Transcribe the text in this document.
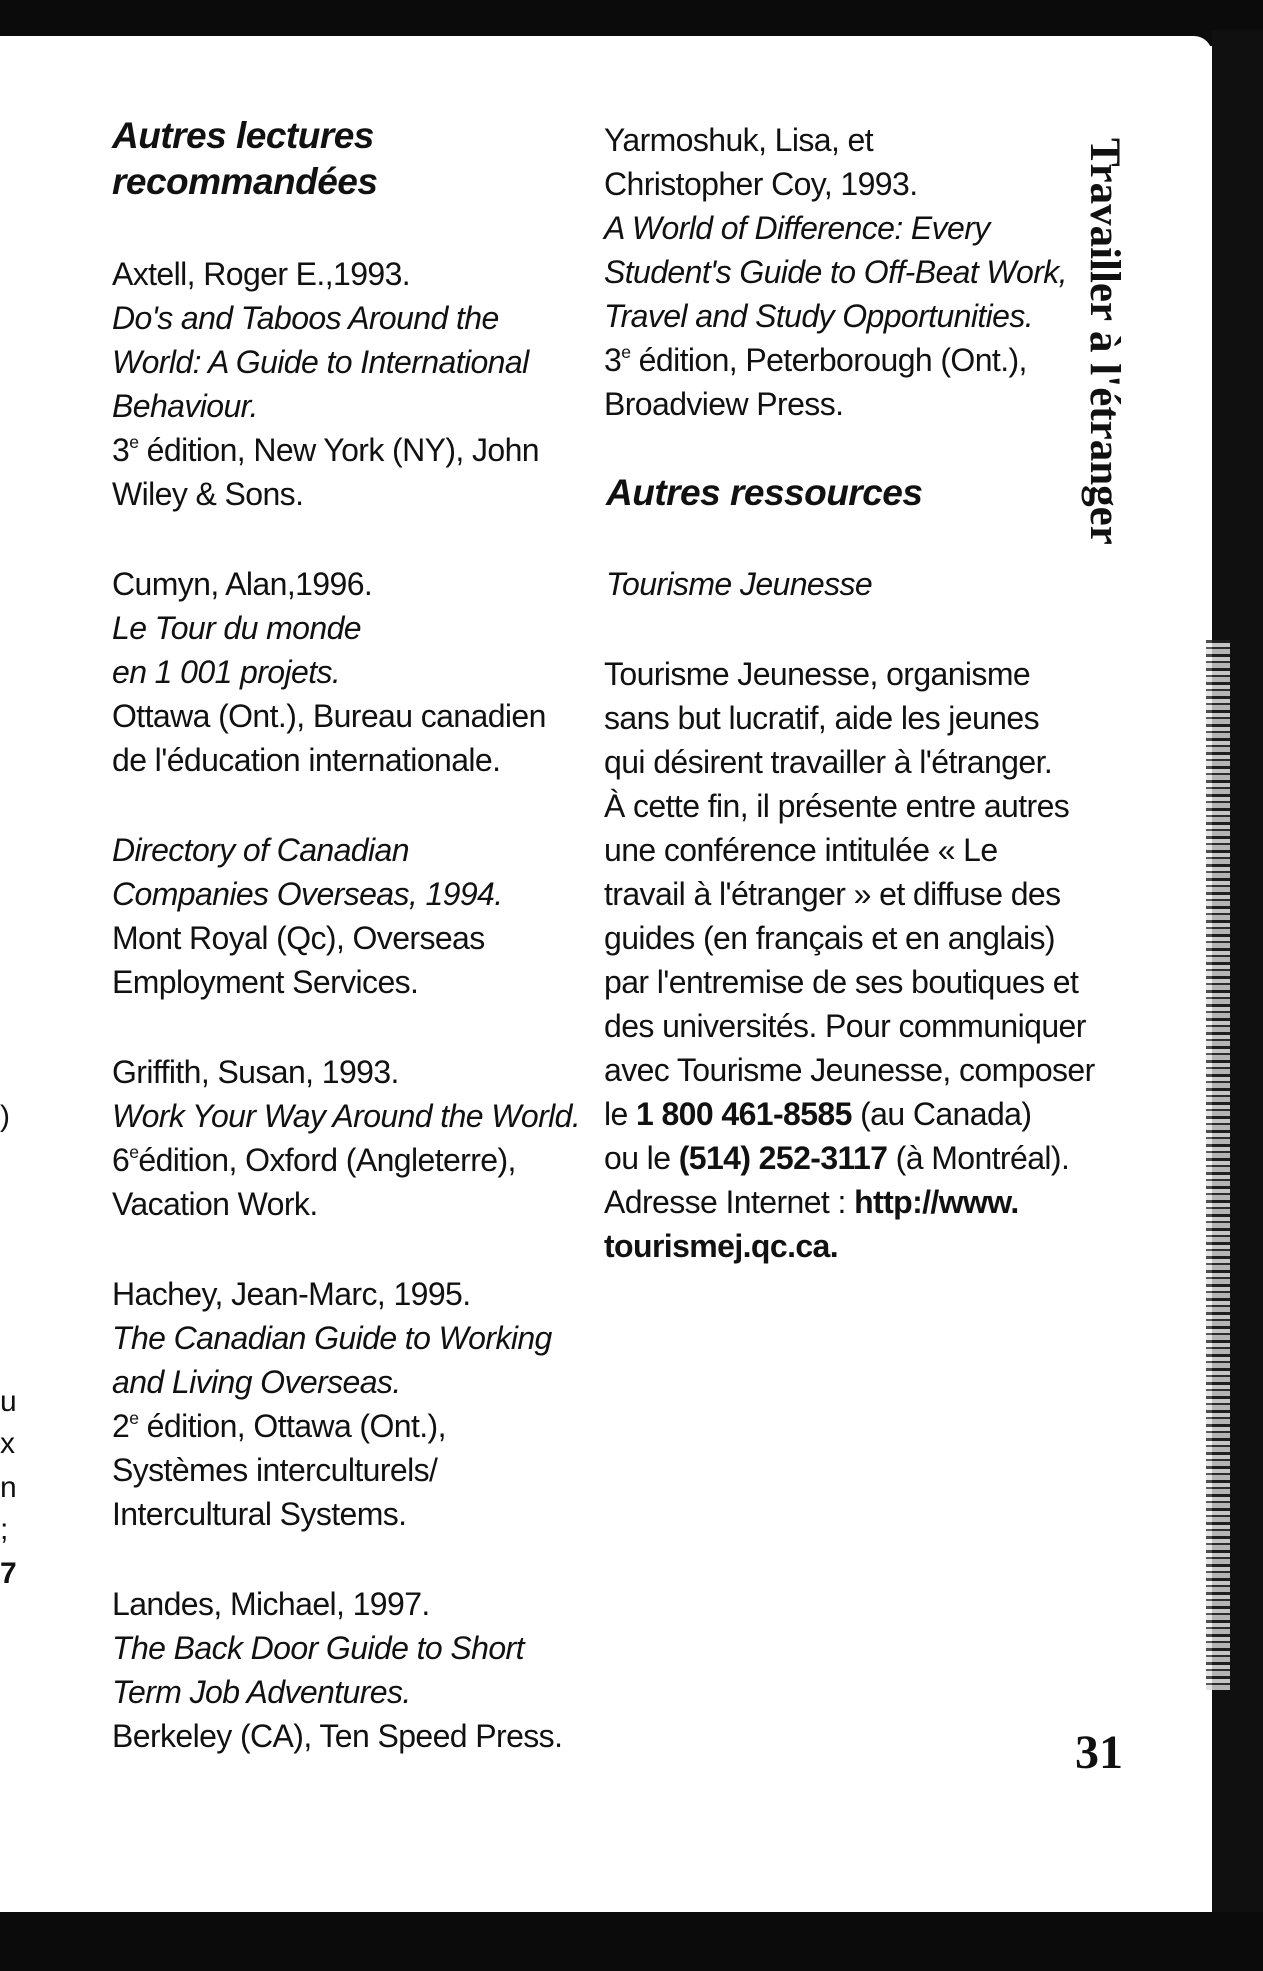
)
u
x
n
;
7
Autres lectures
recommandées
Axtell, Roger E.,1993.
Do's and Taboos Around the
World: A Guide to International
Behaviour.
3e édition, New York (NY), John
Wiley & Sons.
Cumyn, Alan,1996.
Le Tour du monde
en 1 001 projets.
Ottawa (Ont.), Bureau canadien
de l'éducation internationale.
Directory of Canadian
Companies Overseas, 1994.
Mont Royal (Qc), Overseas
Employment Services.
Griffith, Susan, 1993.
Work Your Way Around the World.
6eédition, Oxford (Angleterre),
Vacation Work.
Hachey, Jean-Marc, 1995.
The Canadian Guide to Working
and Living Overseas.
2e édition, Ottawa (Ont.),
Systèmes interculturels/
Intercultural Systems.
Landes, Michael, 1997.
The Back Door Guide to Short
Term Job Adventures.
Berkeley (CA), Ten Speed Press.
Yarmoshuk, Lisa, et
Christopher Coy, 1993.
A World of Difference: Every
Student's Guide to Off-Beat Work,
Travel and Study Opportunities.
3e édition, Peterborough (Ont.),
Broadview Press.
Autres ressources
Tourisme Jeunesse
Tourisme Jeunesse, organisme
sans but lucratif, aide les jeunes
qui désirent travailler à l'étranger.
À cette fin, il présente entre autres
une conférence intitulée « Le
travail à l'étranger » et diffuse des
guides (en français et en anglais)
par l'entremise de ses boutiques et
des universités. Pour communiquer
avec Tourisme Jeunesse, composer
le 1 800 461-8585 (au Canada)
ou le (514) 252-3117 (à Montréal).
Adresse Internet : http://www.
tourismej.qc.ca.
Travailler à l'étranger
31
